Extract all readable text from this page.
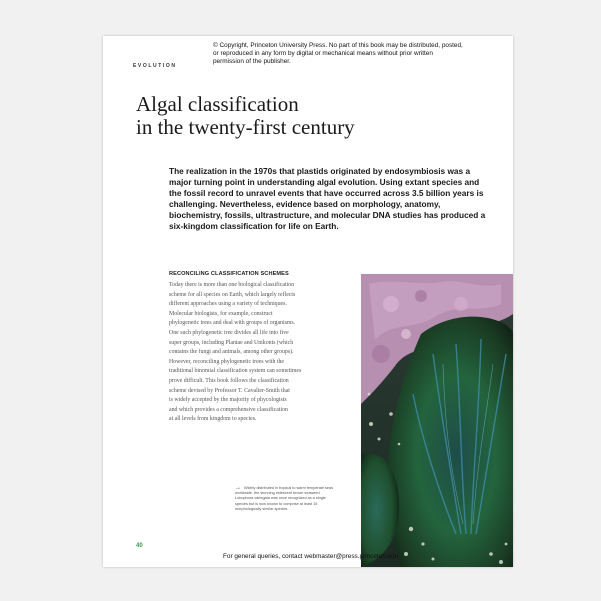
© Copyright, Princeton University Press. No part of this book may be distributed, posted, or reproduced in any form by digital or mechanical means without prior written permission of the publisher.
EVOLUTION
Algal classification
in the twenty-first century

The realization in the 1970s that plastids originated by endosymbiosis was a major turning point in understanding algal evolution. Using extant species and the fossil record to unravel events that have occurred across 3.5 billion years is challenging. Nevertheless, evidence based on morphology, anatomy, biochemistry, fossils, ultrastructure, and molecular DNA studies has produced a six-kingdom classification for life on Earth.

RECONCILING CLASSIFICATION SCHEMES
Today there is more than one biological classification
scheme for all species on Earth, which largely reflects
different approaches using a variety of techniques.
Molecular biologists, for example, construct
phylogenetic trees and deal with groups of organisms.
One such phylogenetic tree divides all life into five
super groups, including Plantae and Unikonts (which
contains the fungi and animals, among other groups).
However, reconciling phylogenetic trees with the
traditional binomial classification system can sometimes
prove difficult. This book follows the classification
scheme devised by Professor T. Cavalier-Smith that
is widely accepted by the majority of phycologists
and which provides a comprehensive classification
at all levels from kingdom to species.
→ Widely distributed in tropical to warm temperate seas worldwide, the stunning iridescent brown seaweed Lobophora variegata was once recognized as a single species but is now known to comprise at least 15 morphologically similar species.
40
For general queries, contact webmaster@press.princeton.edu
